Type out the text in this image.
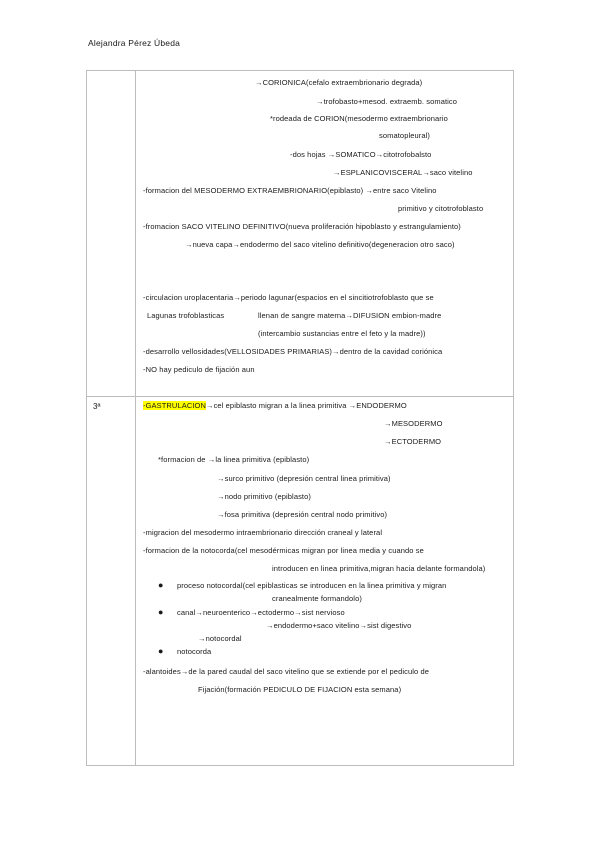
Alejandra Pérez Úbeda
3ª
→CORIONICA(cefalo extraembrionario degrada)
→trofobasto+mesod. extraemb. somatico
*rodeada de CORION(mesodermo extraembrionario
somatopleural)
-dos hojas →SOMATICO→citotrofobalsto
→ESPLANICOVISCERAL→saco vitelino
-formacion del MESODERMO EXTRAEMBRIONARIO(epiblasto) →entre saco Vitelino
primitivo y citotrofoblasto
-fromacion SACO VITELINO DEFINITIVO(nueva proliferación hipoblasto y estrangulamiento)
→nueva capa→endodermo del saco vitelino definitivo(degeneracion otro saco)
-circulacion uroplacentaria→periodo lagunar(espacios en el sincitiotrofoblasto que se
Lagunas trofoblasticas	llenan de sangre materna→DIFUSION embion-madre
(intercambio sustancias entre el feto y la madre))
-desarrollo vellosidades(VELLOSIDADES PRIMARIAS)→dentro de la cavidad coriónica
-NO hay pediculo de fijación aun
-GASTRULACION→cel epiblasto migran a la linea primitiva →ENDODERMO
→MESODERMO
→ECTODERMO
*formacion de →la linea primitiva (epiblasto)
→surco primitivo (depresión central linea primitiva)
→nodo primitivo (epiblasto)
→fosa primitiva (depresión central nodo primitivo)
-migracion del mesodermo intraembrionario dirección craneal y lateral
-formacion de la notocorda(cel mesodérmicas migran por linea media y cuando se
introducen en linea primitiva,migran hacia delante formandola)
● proceso notocordal(cel epiblasticas se introducen en la linea primitiva y migran
cranealmente formandolo)
● canal→neuroenterico→ectodermo→sist nervioso
→endodermo+saco vitelino→sist digestivo
→notocordal
● notocorda
-alantoides→de la pared caudal del saco vitelino que se extiende por el pediculo de
Fijación(formación PEDICULO DE FIJACION esta semana)
